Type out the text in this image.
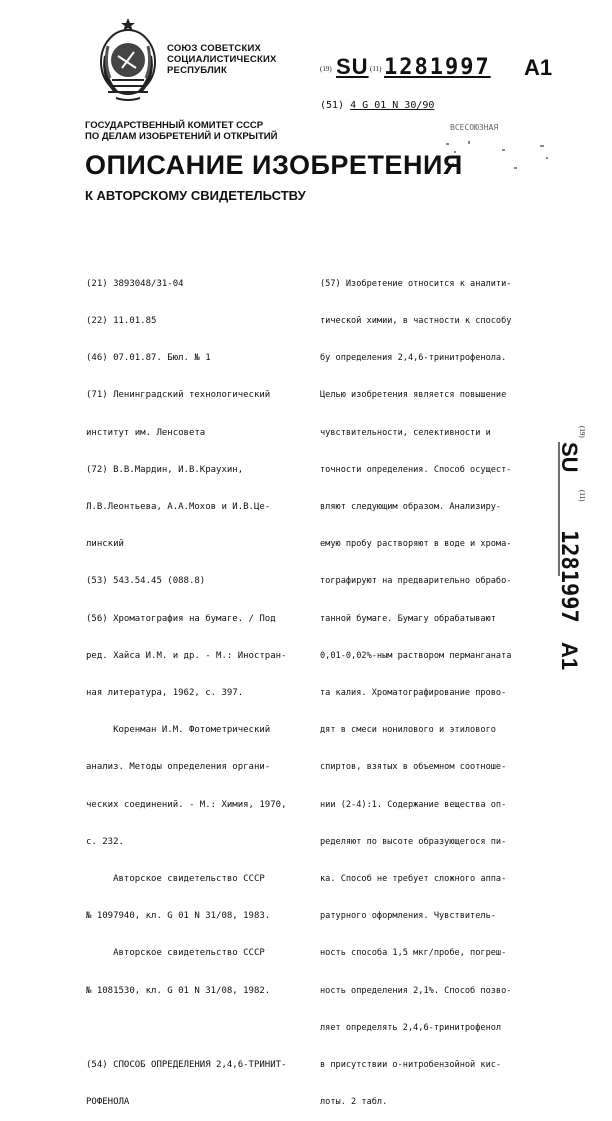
СОЮЗ СОВЕТСКИХ
СОЦИАЛИСТИЧЕСКИХ
РЕСПУБЛИК	(19) SU (11) 1281997 A1
(51) 4 G 01 N 30/90
ВСЕСОЮЗНАЯ
ГОСУДАРСТВЕННЫЙ КОМИТЕТ СССР
ПО ДЕЛАМ ИЗОБРЕТЕНИЙ И ОТКРЫТИЙ
ОПИСАНИЕ ИЗОБРЕТЕНИЯ
К АВТОРСКОМУ СВИДЕТЕЛЬСТВУ

(21) 3893048/31-04

(22) 11.01.85

(46) 07.01.87. Бюл. № 1

(71) Ленинградский технологический

институт им. Ленсовета

(72) В.В.Мардин, И.В.Краухин,

Л.В.Леонтьева, А.А.Мохов и И.В.Це-

линский

(53) 543.54.45 (088.8)

(56) Хроматография на бумаге. / Под

ред. Хайса И.М. и др. - М.: Иностран-

ная литература, 1962, с. 397.

Коренман И.М. Фотометрический

анализ. Методы определения органи-

ческих соединений. - М.: Химия, 1970,

с. 232.

Авторское свидетельство СССР

№ 1097940, кл. G 01 N 31/08, 1983.

Авторское свидетельство СССР

№ 1081530, кл. G 01 N 31/08, 1982.

(54) СПОСОБ ОПРЕДЕЛЕНИЯ 2,4,6-ТРИНИТ-

РОФЕНОЛА

(57) Изобретение относится к аналити-

тической химии, в частности к способу

бу определения 2,4,6-тринитрофенола.

Целью изобретения является повышение

чувствительности, селективности и

точности определения. Способ осущест-

вляют следующим образом. Анализиру-

емую пробу растворяют в воде и хрома-

тографируют на предварительно обрабо-

танной бумаге. Бумагу обрабатывают

0,01-0,02%-ным раствором перманганата

та калия. Хроматографирование прово-

дят в смеси нонилового и этилового

спиртов, взятых в объемном соотноше-

нии (2-4):1. Содержание вещества оп-

ределяют по высоте образующегося пи-

ка. Способ не требует сложного аппа-

ратурного оформления. Чувствитель-

ность способа 1,5 мкг/пробе, погреш-

ность определения 2,1%. Способ позво-

ляет определять 2,4,6-тринитрофенол

в присутствии о-нитробензойной кис-

лоты. 2 табл.

(19)
SU
(11)
1281997
A1
